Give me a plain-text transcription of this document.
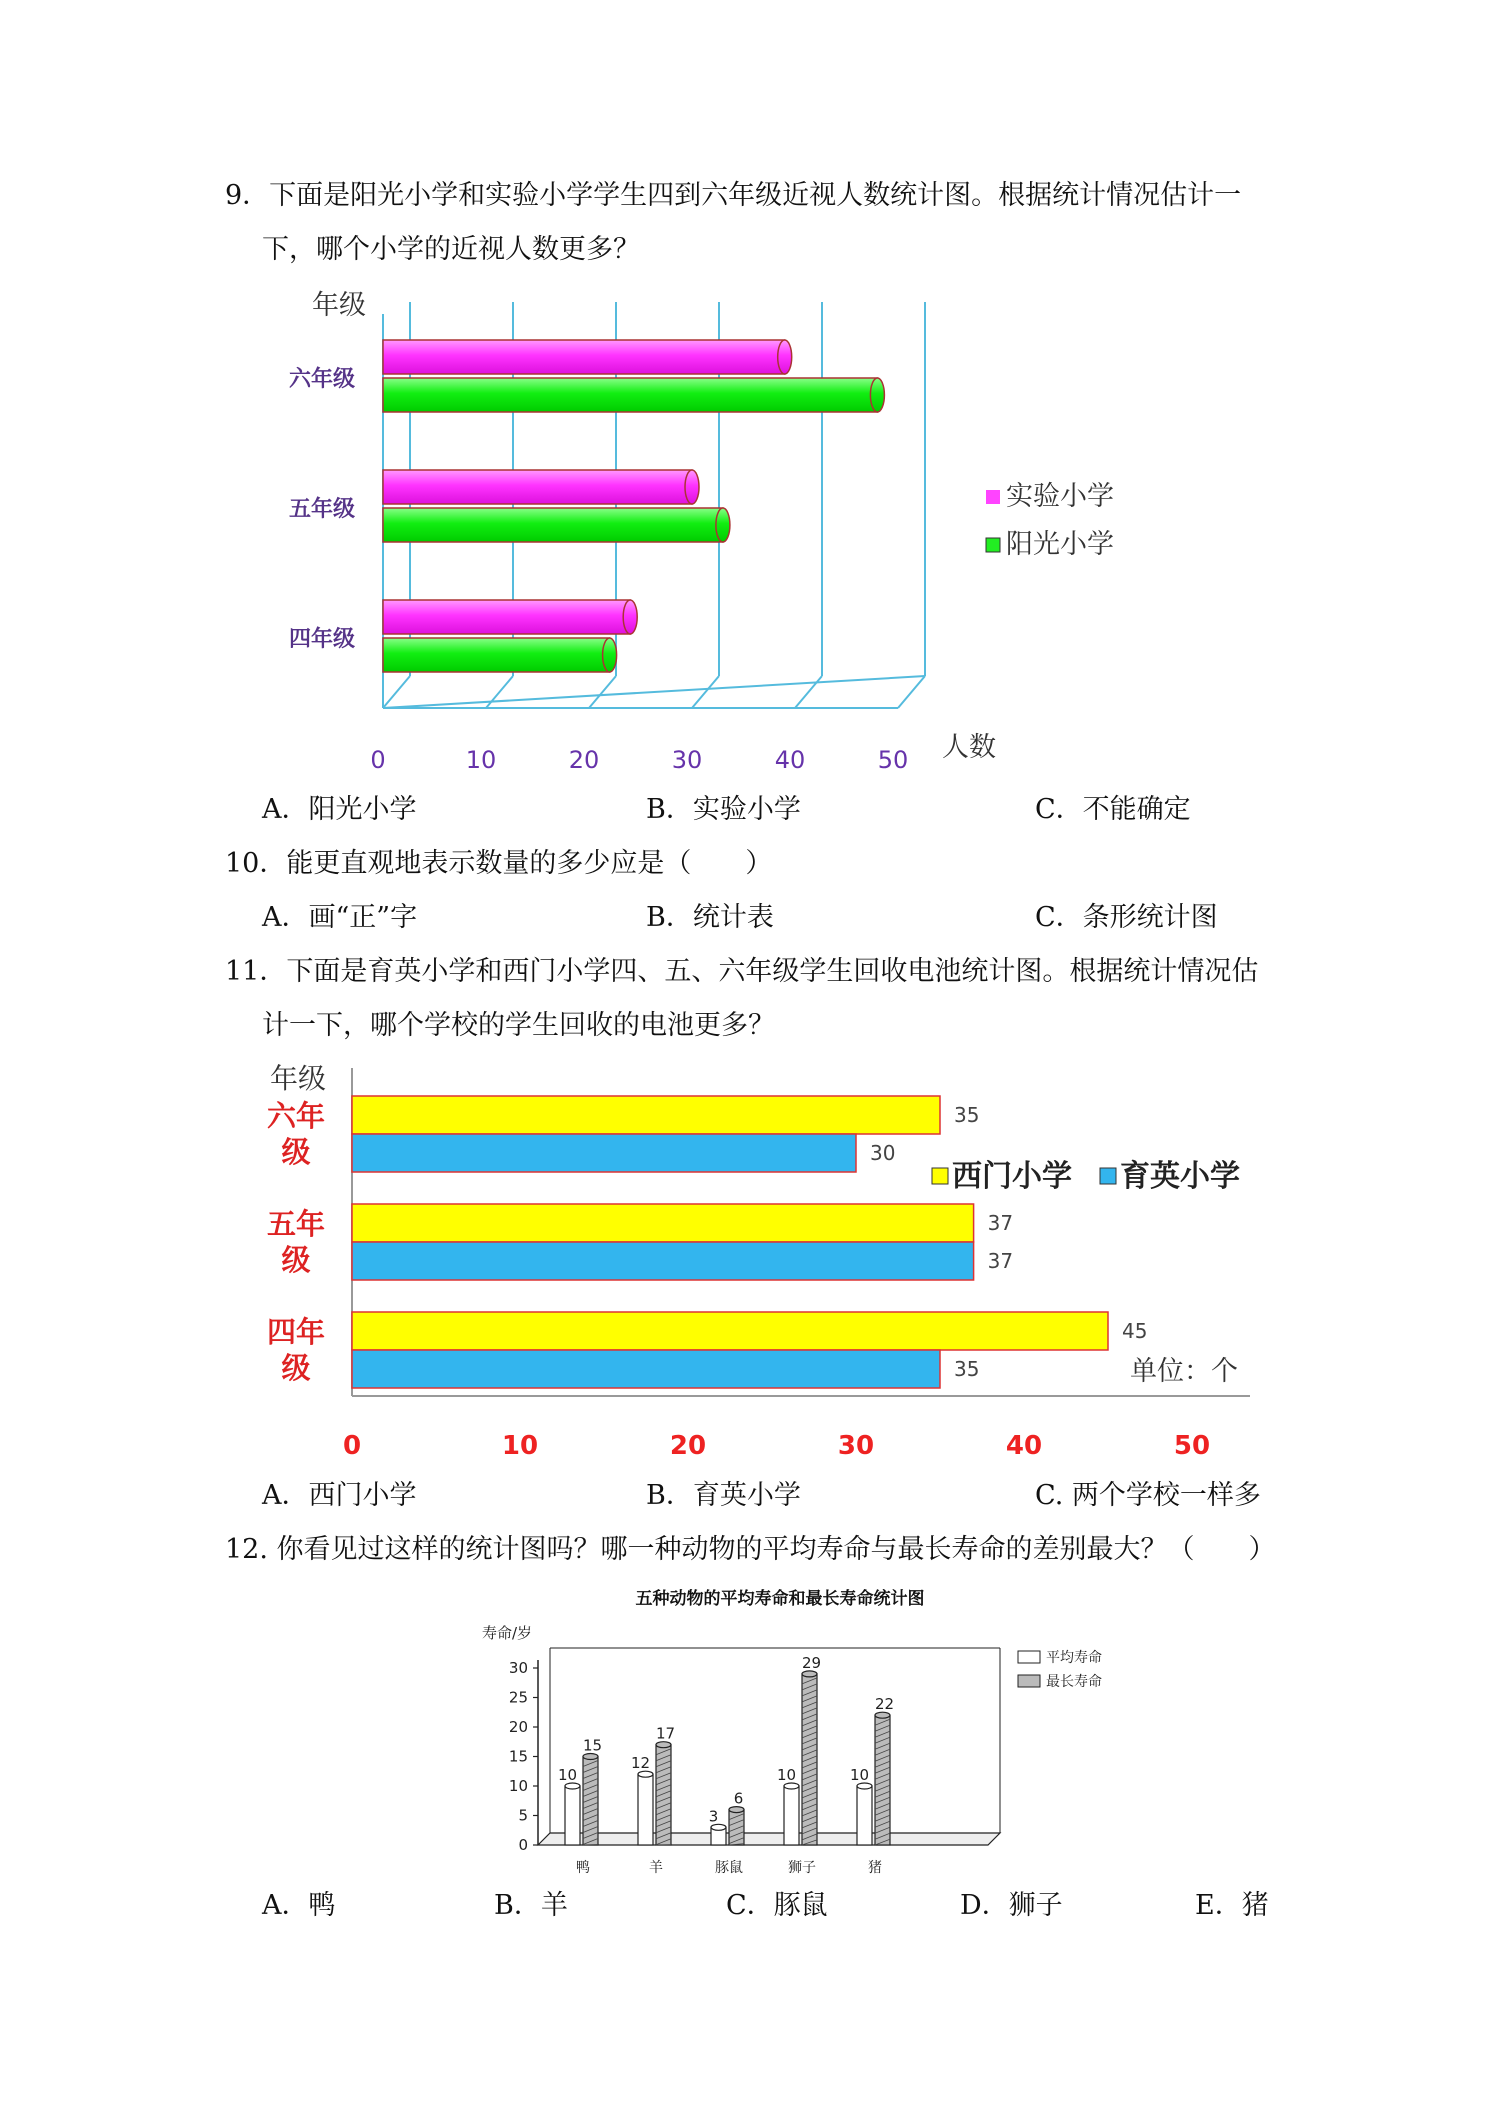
9．下面是阳光小学和实验小学学生四到六年级近视人数统计图。根据统计情况估计一
下，哪个小学的近视人数更多？
年级
人数
六年级
五年级
四年级
0	10	20	30	40	50
实验小学
阳光小学
A．阳光小学	B．实验小学	C．不能确定
10．能更直观地表示数量的多少应是（　　）
A．画“正”字	B．统计表	C．条形统计图
11．下面是育英小学和西门小学四、五、六年级学生回收电池统计图。根据统计情况估
计一下，哪个学校的学生回收的电池更多？
35
30
37
37
45
35
年级
六年
级
五年
级
四年
级
0	10	20	30	40	50
西门小学 育英小学
单位：个
A．西门小学	B．育英小学	C. 两个学校一样多
12. 你看见过这样的统计图吗？哪一种动物的平均寿命与最长寿命的差别最大？（　　）
五种动物的平均寿命和最长寿命统计图
寿命/岁
0
5
10
15
20
25
30
鸭
10
15
羊
12
17
豚鼠
3
6
狮子
10
29
猪
10
22
平均寿命
最长寿命
A．鸭	B．羊	C．豚鼠	D．狮子	E．猪
